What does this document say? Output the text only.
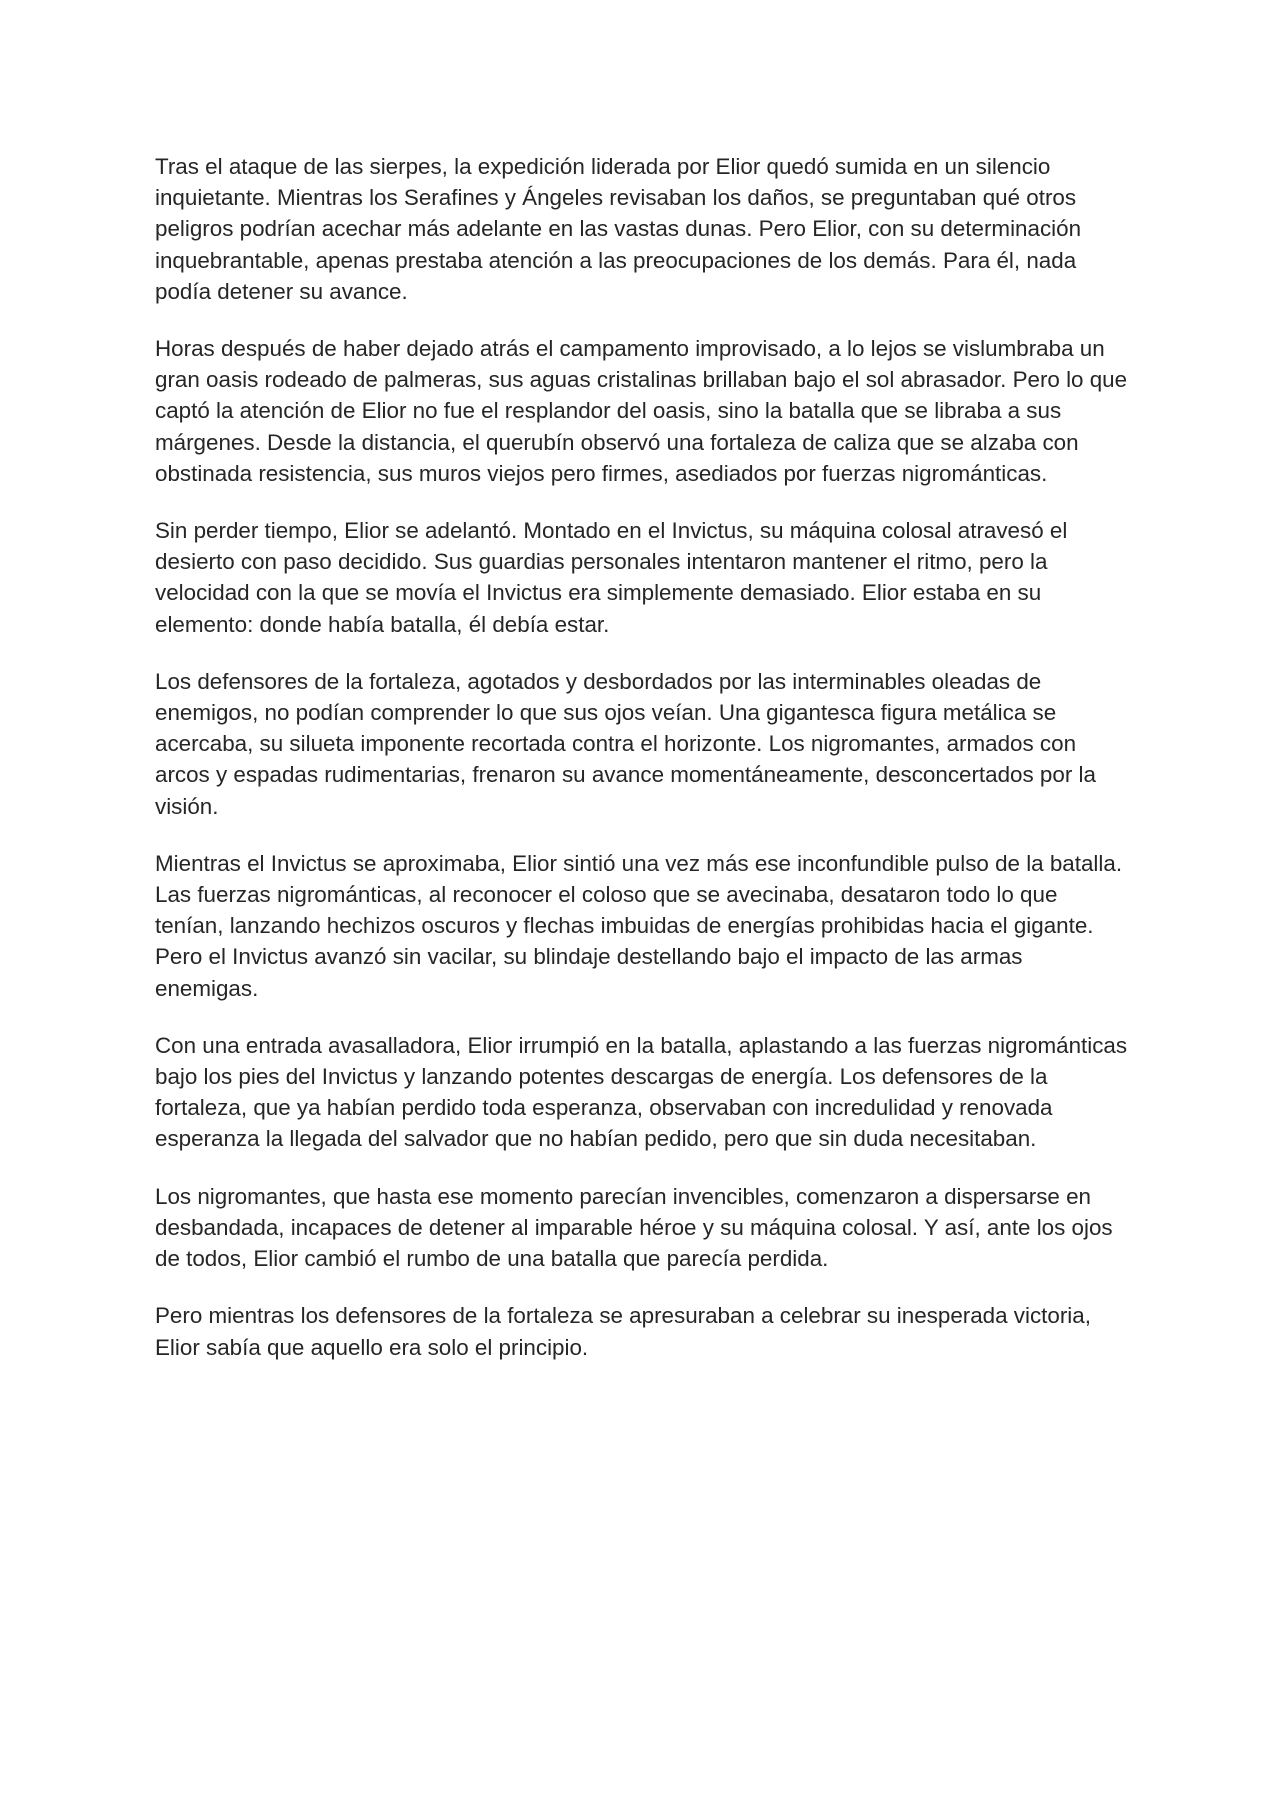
Tras el ataque de las sierpes, la expedición liderada por Elior quedó sumida en un silencio inquietante. Mientras los Serafines y Ángeles revisaban los daños, se preguntaban qué otros peligros podrían acechar más adelante en las vastas dunas. Pero Elior, con su determinación inquebrantable, apenas prestaba atención a las preocupaciones de los demás. Para él, nada podía detener su avance.

Horas después de haber dejado atrás el campamento improvisado, a lo lejos se vislumbraba un gran oasis rodeado de palmeras, sus aguas cristalinas brillaban bajo el sol abrasador. Pero lo que captó la atención de Elior no fue el resplandor del oasis, sino la batalla que se libraba a sus márgenes. Desde la distancia, el querubín observó una fortaleza de caliza que se alzaba con obstinada resistencia, sus muros viejos pero firmes, asediados por fuerzas nigrománticas.

Sin perder tiempo, Elior se adelantó. Montado en el Invictus, su máquina colosal atravesó el desierto con paso decidido. Sus guardias personales intentaron mantener el ritmo, pero la velocidad con la que se movía el Invictus era simplemente demasiado. Elior estaba en su elemento: donde había batalla, él debía estar.

Los defensores de la fortaleza, agotados y desbordados por las interminables oleadas de enemigos, no podían comprender lo que sus ojos veían. Una gigantesca figura metálica se acercaba, su silueta imponente recortada contra el horizonte. Los nigromantes, armados con arcos y espadas rudimentarias, frenaron su avance momentáneamente, desconcertados por la visión.

Mientras el Invictus se aproximaba, Elior sintió una vez más ese inconfundible pulso de la batalla. Las fuerzas nigrománticas, al reconocer el coloso que se avecinaba, desataron todo lo que tenían, lanzando hechizos oscuros y flechas imbuidas de energías prohibidas hacia el gigante. Pero el Invictus avanzó sin vacilar, su blindaje destellando bajo el impacto de las armas enemigas.

Con una entrada avasalladora, Elior irrumpió en la batalla, aplastando a las fuerzas nigrománticas bajo los pies del Invictus y lanzando potentes descargas de energía. Los defensores de la fortaleza, que ya habían perdido toda esperanza, observaban con incredulidad y renovada esperanza la llegada del salvador que no habían pedido, pero que sin duda necesitaban.

Los nigromantes, que hasta ese momento parecían invencibles, comenzaron a dispersarse en desbandada, incapaces de detener al imparable héroe y su máquina colosal. Y así, ante los ojos de todos, Elior cambió el rumbo de una batalla que parecía perdida.

Pero mientras los defensores de la fortaleza se apresuraban a celebrar su inesperada victoria, Elior sabía que aquello era solo el principio.
